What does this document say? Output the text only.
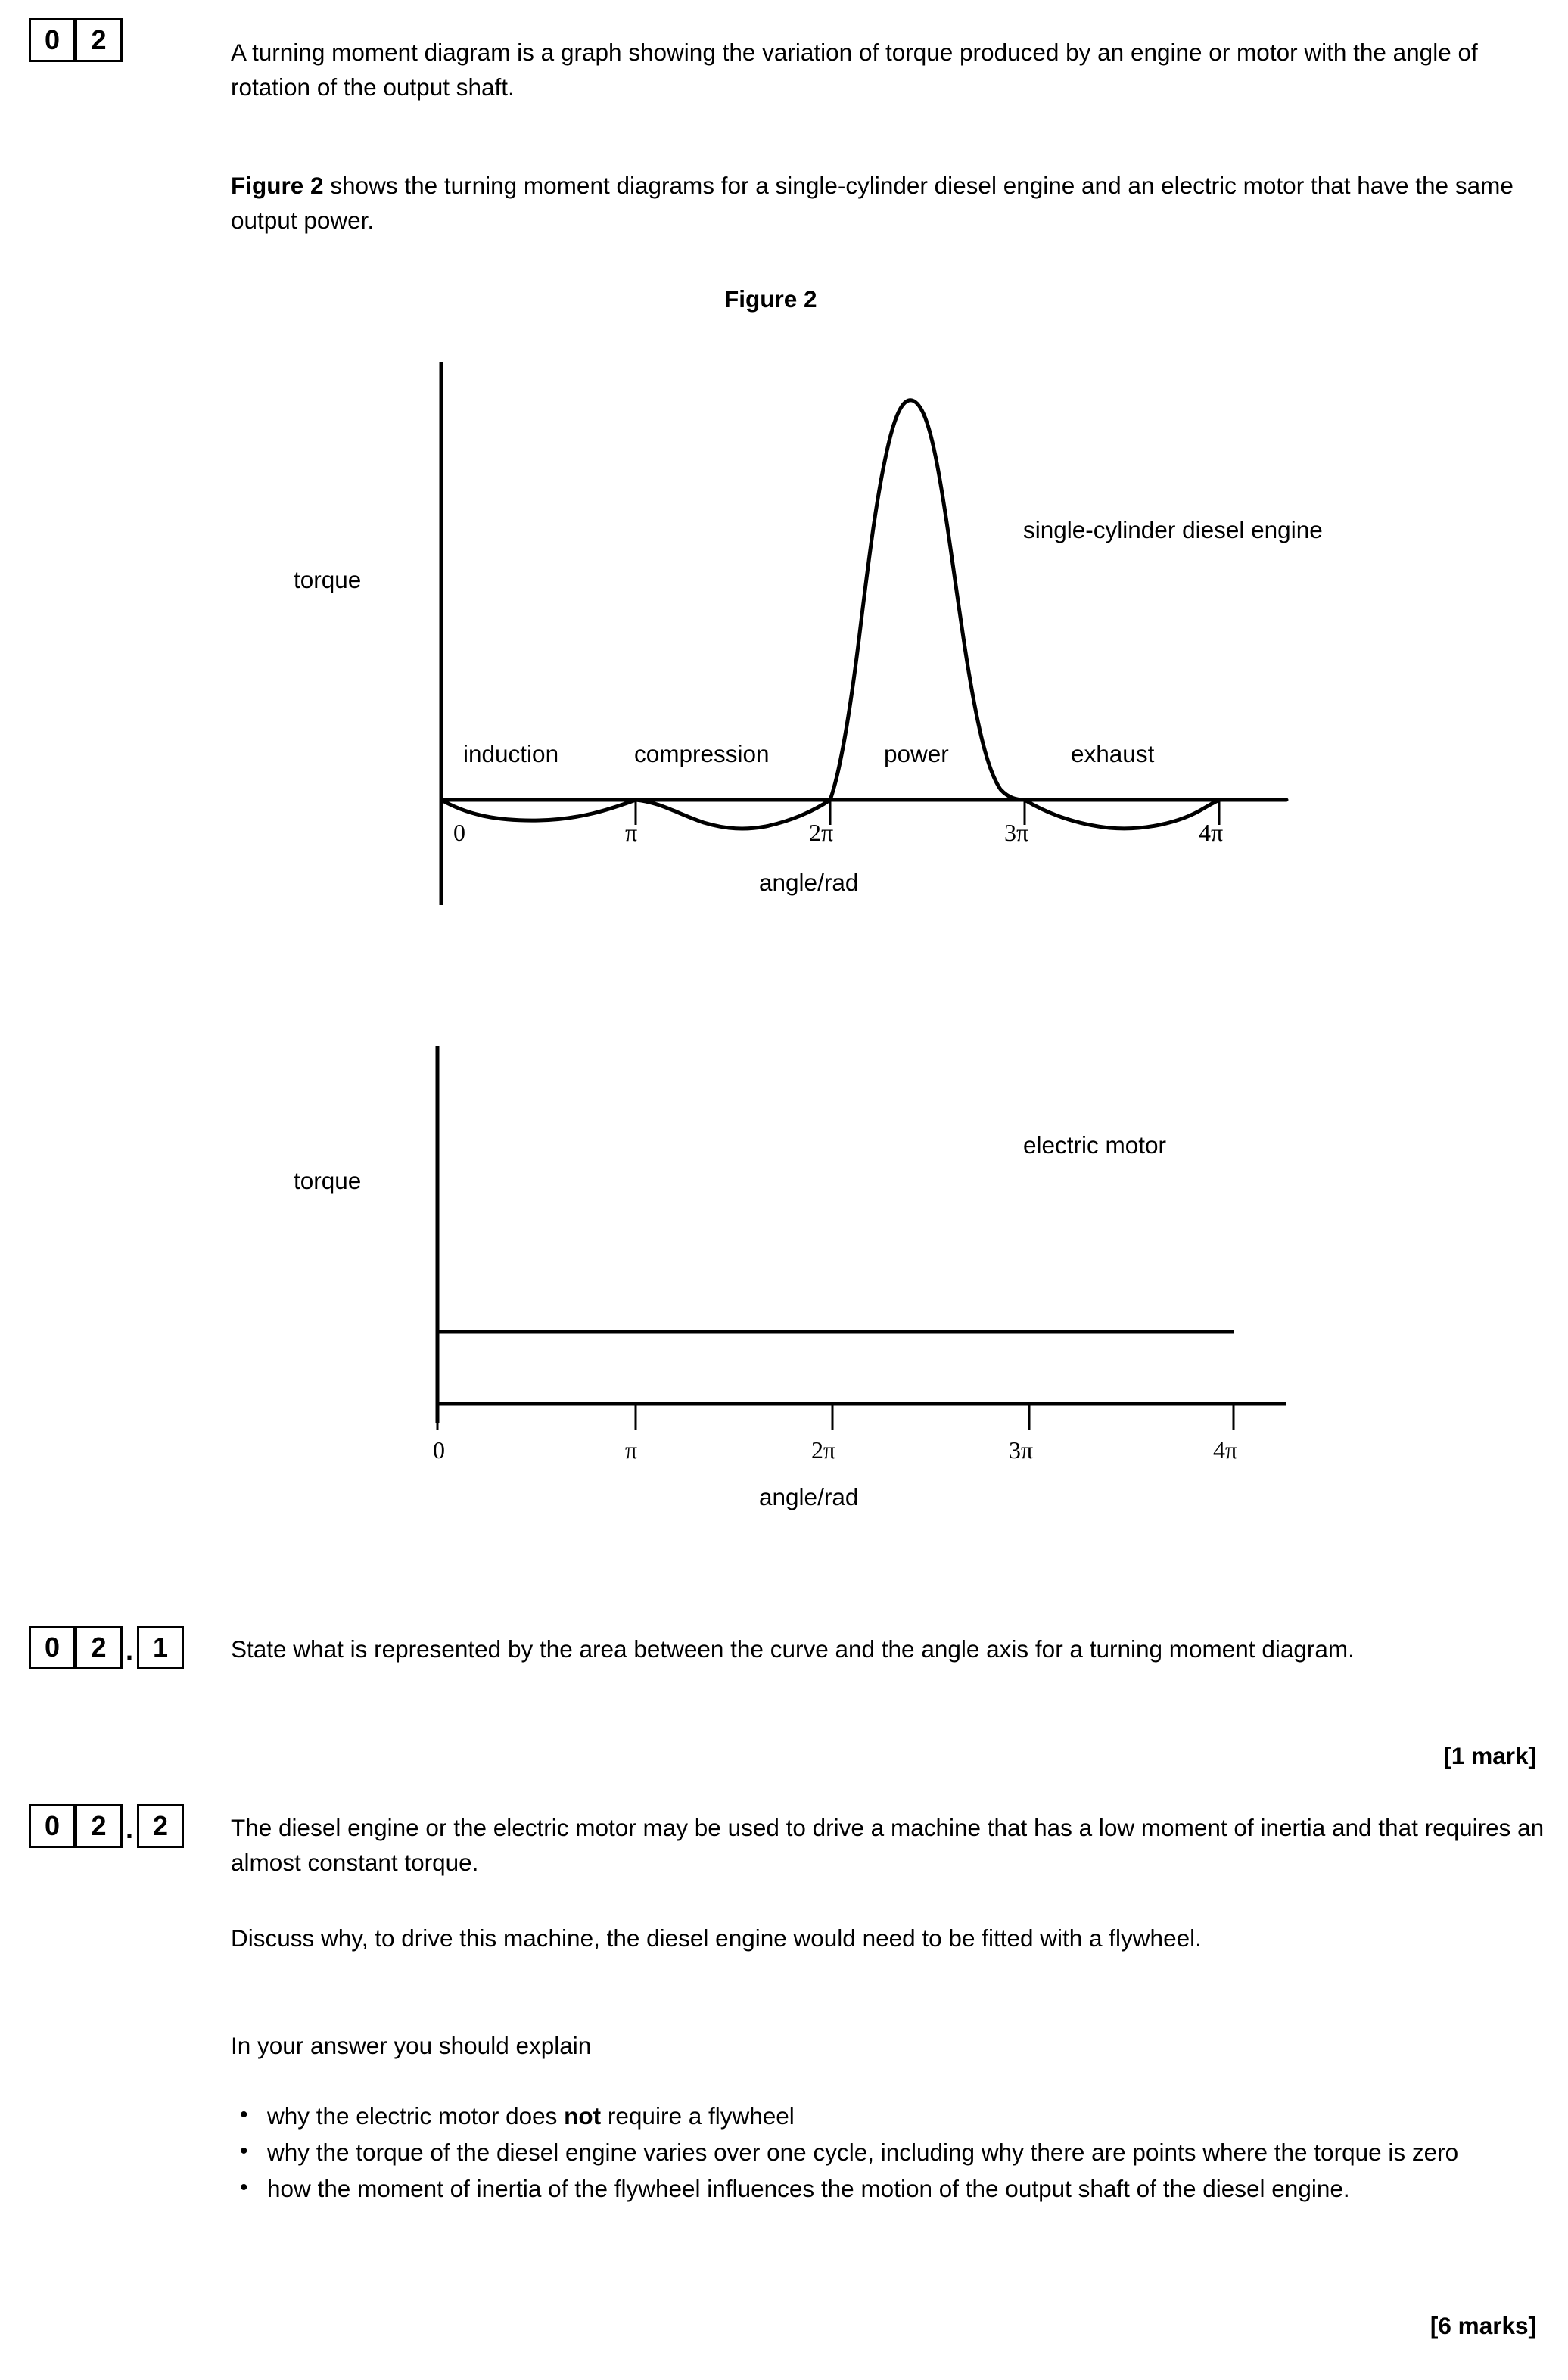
0	2	A turning moment diagram is a graph showing the variation of torque produced by an engine or motor with the angle of rotation of the output shaft.
Figure 2 shows the turning moment diagrams for a single-cylinder diesel engine and an electric motor that have the same output power.
Figure 2
torque
angle/rad
single-cylinder diesel engine
0	π	2π	3π	4π
induction	compression	power	exhaust
torque
angle/rad
electric motor
0	π	2π	3π	4π
0	2 . 1	State what is represented by the area between the curve and the angle axis for a turning moment diagram.
[1 mark]
0	2 . 2	The diesel engine or the electric motor may be used to drive a machine that has a low moment of inertia and that requires an almost constant torque.
Discuss why, to drive this machine, the diesel engine would need to be fitted with a flywheel.
In your answer you should explain
• why the electric motor does not require a flywheel
• why the torque of the diesel engine varies over one cycle, including why there are points where the torque is zero
• how the moment of inertia of the flywheel influences the motion of the output shaft of the diesel engine.
[6 marks]
